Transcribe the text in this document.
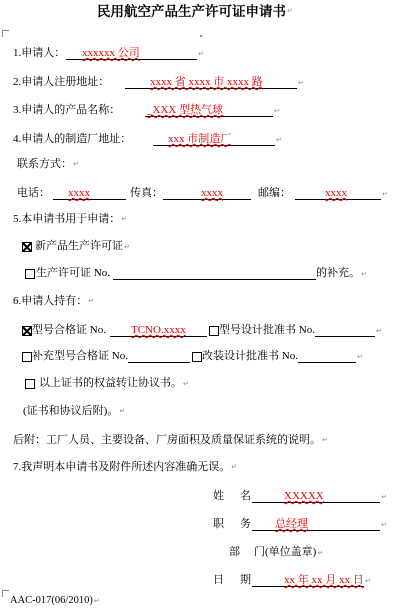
民用航空产品生产许可证申请书↵
1.申请人： xxxxxx 公司	↵
2.申请人注册地址：	xxxx 省 xxxx 市 xxxx 路	↵
3.申请人的产品名称： _XXX 型热气球	↵
4.申请人的制造厂地址：	xxx 市制造厂	↵
联系方式：↵
电话： xxxx	传真：	xxxx	邮编：	xxxx	↵
5.本申请书用于申请：↵
新产品生产许可证↵
生产许可证 No.	的补充。↵
6.申请人持有：↵
型号合格证 No. TCNO.xxxx	型号设计批准书 No.	↵
补充型号合格证 No.	改装设计批准书 No.	↵
以上证书的权益转让协议书。↵
(证书和协议后附)。↵
后附：工厂人员、主要设备、厂房面积及质量保证系统的说明。↵
7.我声明本申请书及附件所述内容准确无误。↵
姓 名	XXXXX	↵
职 务 总经理	↵
部 门(单位盖章)↵
日 期	xx 年 xx 月 xx 日↵
AAC-017(06/2010)↵
